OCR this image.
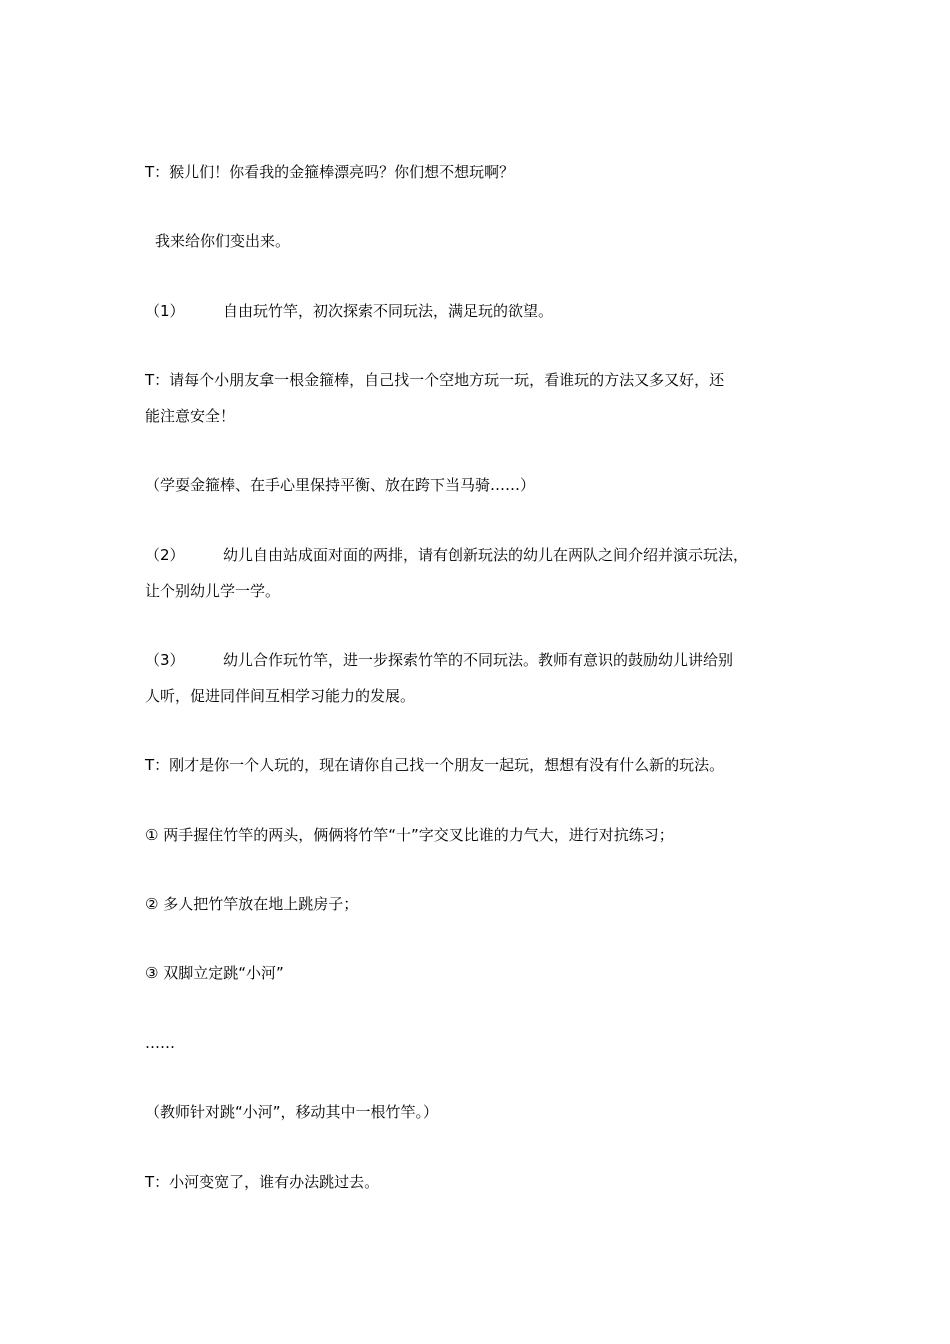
T：猴儿们！你看我的金箍棒漂亮吗？你们想不想玩啊？
我来给你们变出来。
（1）	自由玩竹竿，初次探索不同玩法，满足玩的欲望。
T：请每个小朋友拿一根金箍棒，自己找一个空地方玩一玩，看谁玩的方法又多又好，还
能注意安全！
（学耍金箍棒、在手心里保持平衡、放在跨下当马骑……）
（2）	幼儿自由站成面对面的两排，请有创新玩法的幼儿在两队之间介绍并演示玩法，
让个别幼儿学一学。
（3）	幼儿合作玩竹竿，进一步探索竹竿的不同玩法。教师有意识的鼓励幼儿讲给别
人听，促进同伴间互相学习能力的发展。
T：刚才是你一个人玩的，现在请你自己找一个朋友一起玩，想想有没有什么新的玩法。
① 两手握住竹竿的两头，俩俩将竹竿“十”字交叉比谁的力气大，进行对抗练习；
② 多人把竹竿放在地上跳房子；
③ 双脚立定跳“小河”
……
（教师针对跳“小河”，移动其中一根竹竿。）
T：小河变宽了，谁有办法跳过去。
